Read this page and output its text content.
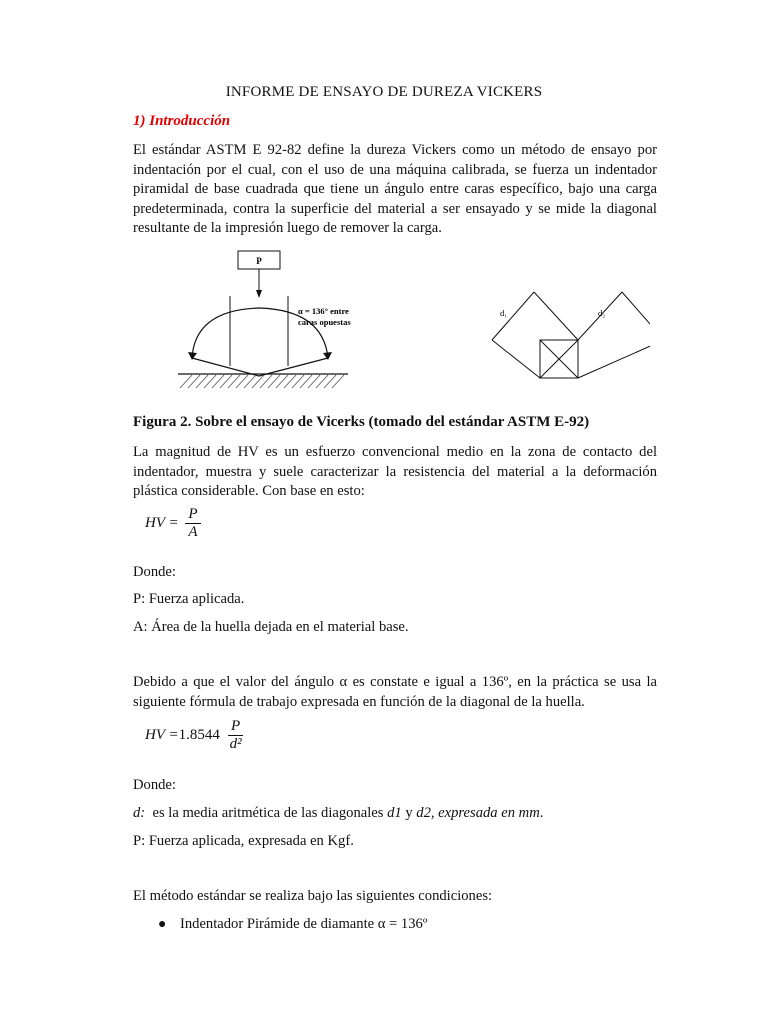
INFORME DE ENSAYO DE DUREZA VICKERS
1) Introducción
El estándar ASTM E 92-82 define la dureza Vickers como un método de ensayo por indentación por el cual, con el uso de una máquina calibrada, se fuerza un indentador piramidal de base cuadrada que tiene un ángulo entre caras específico, bajo una carga predeterminada, contra la superficie del material a ser ensayado y se mide la diagonal resultante de la impresión luego de remover la carga.
P
α = 136° entre
caras opuestas
d₁	d₂
Figura 2. Sobre el ensayo de Vicerks (tomado del estándar ASTM E-92)
La magnitud de HV es un esfuerzo convencional medio en la zona de contacto del indentador, muestra y suele caracterizar la resistencia del material a la deformación plástica considerable. Con base en esto:
HV = $\frac{P}{A}$
Donde:
P: Fuerza aplicada.
A: Área de la huella dejada en el material base.
Debido a que el valor del ángulo α es constate e igual a 136º, en la práctica se usa la siguiente fórmula de trabajo expresada en función de la diagonal de la huella.
HV $=1.8544 \frac{P}{\text{d²}}$
Donde:
d: es la media aritmética de las diagonales d1 y d2, expresada en mm.
P: Fuerza aplicada, expresada en Kgf.
El método estándar se realiza bajo las siguientes condiciones:
● Indentador Pirámide de diamante α = 136º
